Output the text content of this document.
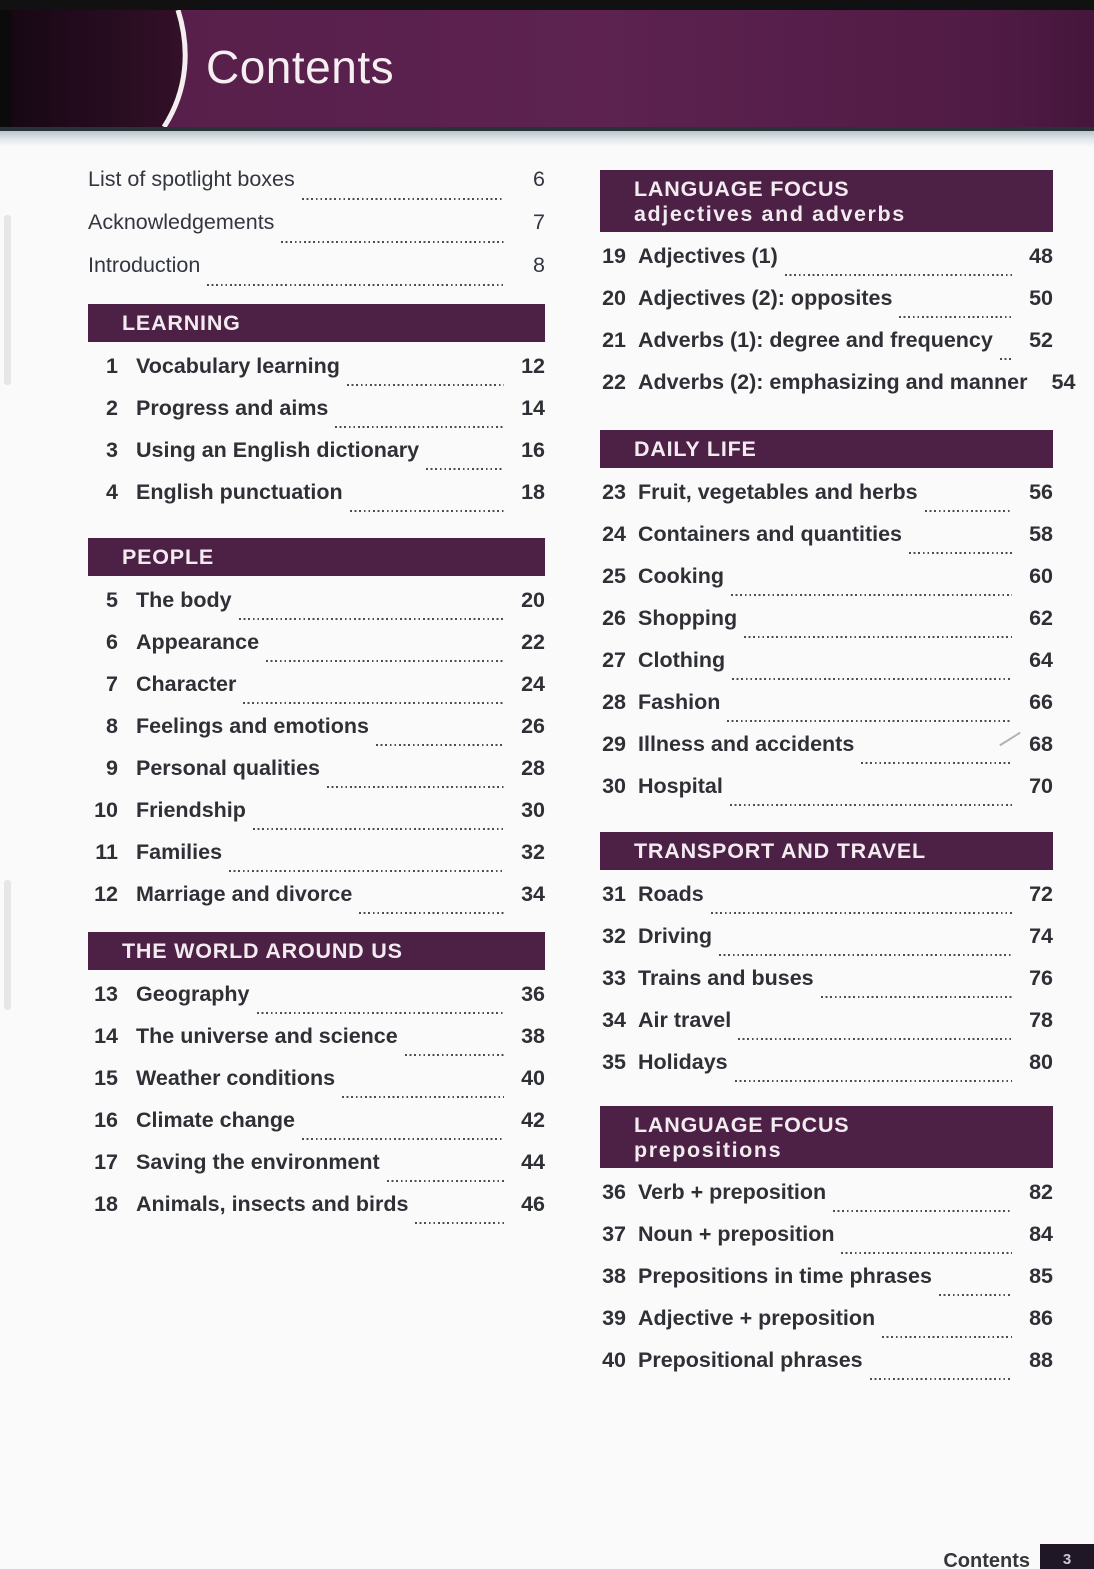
Contents
List of spotlight boxes	6
Acknowledgements	7
Introduction	8
LEARNING
1 Vocabulary learning	12
2 Progress and aims	14
3 Using an English dictionary	16
4 English punctuation	18
PEOPLE
5 The body	20
6 Appearance	22
7 Character	24
8 Feelings and emotions	26
9 Personal qualities	28
10 Friendship	30
11 Families	32
12 Marriage and divorce	34
THE WORLD AROUND US
13 Geography	36
14 The universe and science	38
15 Weather conditions	40
16 Climate change	42
17 Saving the environment	44
18 Animals, insects and birds	46
LANGUAGE FOCUS
adjectives and adverbs
19 Adjectives (1)	48
20 Adjectives (2): opposites	50
21 Adverbs (1): degree and frequency	52
22 Adverbs (2): emphasizing and manner	54
DAILY LIFE
23 Fruit, vegetables and herbs	56
24 Containers and quantities	58
25 Cooking	60
26 Shopping	62
27 Clothing	64
28 Fashion	66
29 Illness and accidents	68
30 Hospital	70
TRANSPORT AND TRAVEL
31 Roads	72
32 Driving	74
33 Trains and buses	76
34 Air travel	78
35 Holidays	80
LANGUAGE FOCUS
prepositions
36 Verb + preposition	82
37 Noun + preposition	84
38 Prepositions in time phrases	85
39 Adjective + preposition	86
40 Prepositional phrases	88
Contents 3
